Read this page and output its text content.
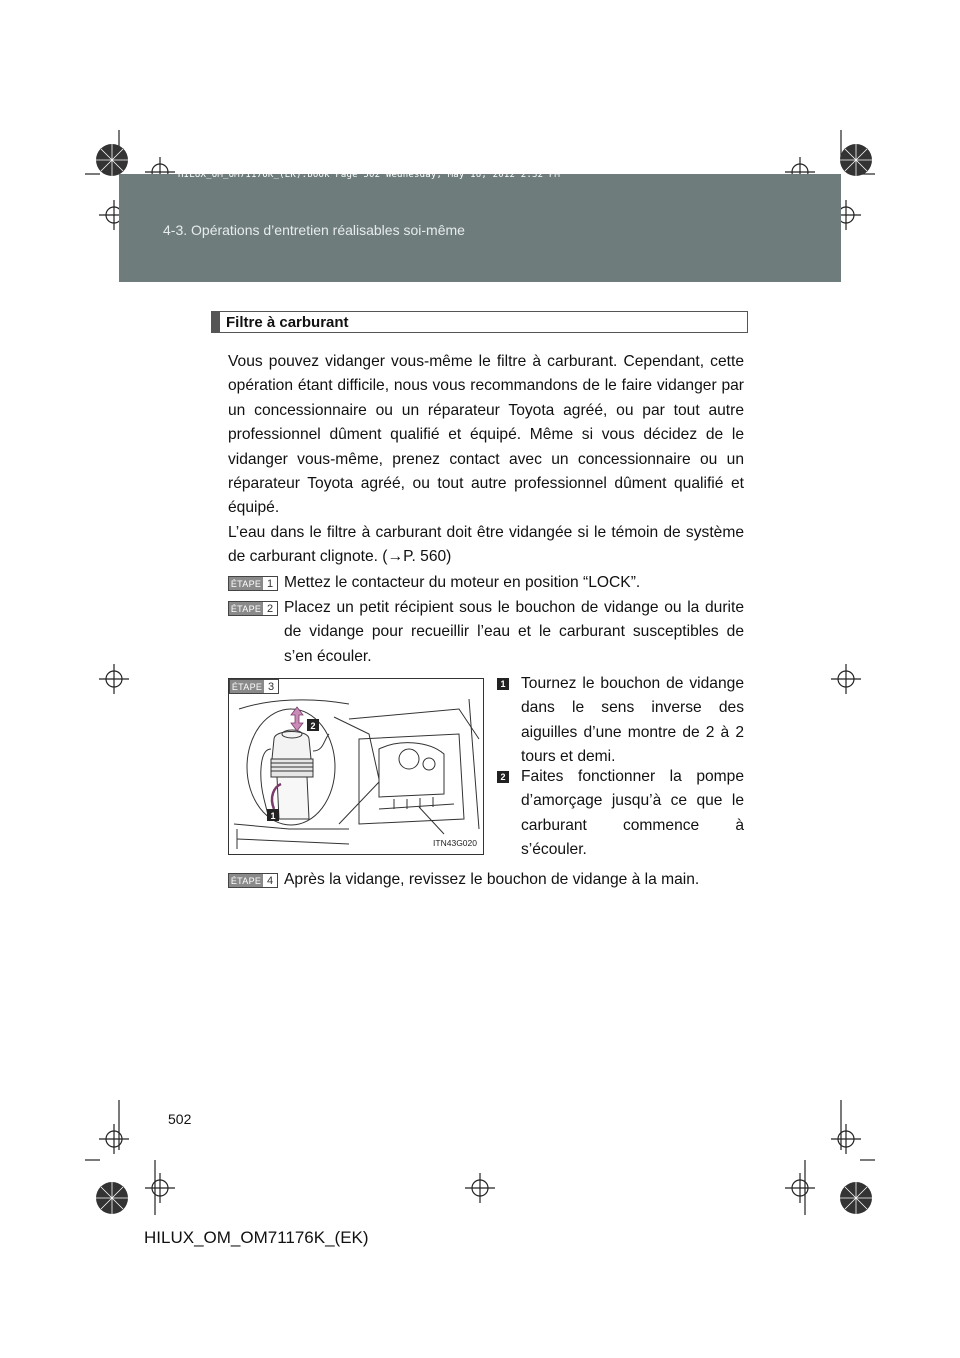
4-3. Opérations d’entretien réalisables soi-même
HILUX_OM_OM71176K_(EK).book Page 502 Wednesday, May 16, 2012 2:32 PM
Filtre à carburant

Vous pouvez vidanger vous-même le filtre à carburant. Cependant, cette opération étant difficile, nous vous recommandons de le faire vidanger par un concessionnaire ou un réparateur Toyota agréé, ou par tout autre professionnel dûment qualifié et équipé. Même si vous décidez de le vidanger vous-même, prenez contact avec un concessionnaire ou un réparateur Toyota agréé, ou tout autre professionnel dûment qualifié et équipé.

L’eau dans le filtre à carburant doit être vidangée si le témoin de système de carburant clignote. (→P. 560)

ÉTAPE 1 Mettez le contacteur du moteur en position “LOCK”.

ÉTAPE 2 Placez un petit récipient sous le bouchon de vidange ou la durite de vidange pour recueillir l’eau et le carburant susceptibles de s’en écouler.

2
1
ÉTAPE 3
ITN43G020
1 Tournez le bouchon de vidange dans le sens inverse des aiguilles d’une montre de 2 à 2 tours et demi.

2 Faites fonctionner la pompe d’amorçage jusqu’à ce que le carburant commence à s’écouler.

ÉTAPE 4 Après la vidange, revissez le bouchon de vidange à la main.

502
HILUX_OM_OM71176K_(EK)
